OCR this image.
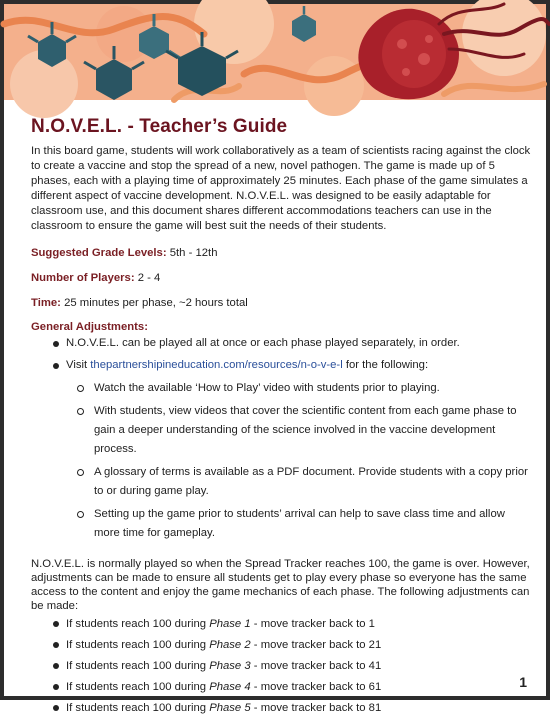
N.O.V.E.L. - Teacher’s Guide

In this board game, students will work collaboratively as a team of scientists racing against the clock to create a vaccine and stop the spread of a new, novel pathogen. The game is made up of 5 phases, each with a playing time of approximately 25 minutes. Each phase of the game simulates a different aspect of vaccine development. N.O.V.E.L. was designed to be easily adaptable for classroom use, and this document shares different accommodations teachers can use in the classroom to ensure the game will best suit the needs of their students.

Suggested Grade Levels: 5th - 12th

Number of Players: 2 - 4

Time: 25 minutes per phase, ~2 hours total

General Adjustments:

N.O.V.E.L. can be played all at once or each phase played separately, in order.
Visit thepartnershipineducation.com/resources/n-o-v-e-l for the following:
Watch the available ‘How to Play’ video with students prior to playing.
With students, view videos that cover the scientific content from each game phase to gain a deeper understanding of the science involved in the vaccine development process.
A glossary of terms is available as a PDF document. Provide students with a copy prior to or during game play.
Setting up the game prior to students’ arrival can help to save class time and allow more time for gameplay.

N.O.V.E.L. is normally played so when the Spread Tracker reaches 100, the game is over. However, adjustments can be made to ensure all students get to play every phase so everyone has the same access to the content and enjoy the game mechanics of each phase. The following adjustments can be made:

If students reach 100 during Phase 1 - move tracker back to 1
If students reach 100 during Phase 2 - move tracker back to 21
If students reach 100 during Phase 3 - move tracker back to 41
If students reach 100 during Phase 4 - move tracker back to 61
If students reach 100 during Phase 5 - move tracker back to 81
1
